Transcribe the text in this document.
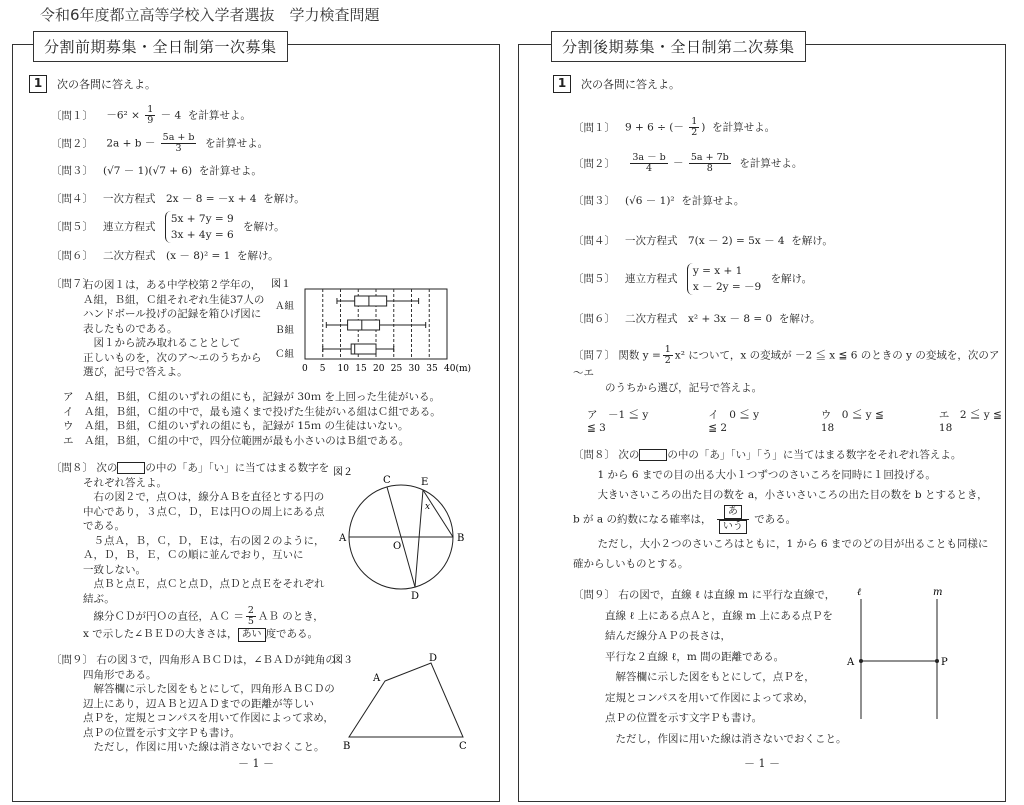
令和6年度都立高等学校入学者選抜　学力検査問題
分割前期募集・全日制第一次募集
1	次の各問に答えよ。
〔問１〕 $-6^2 \times \frac{1}{9} - 4$ を計算せよ。
〔問２〕 $2a + b - \frac{5a + b}{3}$ を計算せよ。
〔問３〕 (√7 － 1)(√7 + 6) を計算せよ。
〔問４〕 一次方程式　2x － 8 = －x + 4 を解け。
〔問５〕 連立方程式
5x + 7y = 9
3x + 4y = 6
を解け。
〔問６〕 二次方程式　(x － 8)² = 1 を解け。
〔問７〕
右の図１は，ある中学校第２学年の，
Ａ組，Ｂ組，Ｃ組それぞれ生徒37人の
ハンドボール投げの記録を箱ひげ図に
表したものである。
　図１から読み取れることとして
正しいものを，次のア～エのうちから
選び，記号で答えよ。
図１
Ａ組
Ｂ組
Ｃ組
0 5 10 15 20 25 30 35 40(m)
ア　Ａ組，Ｂ組，Ｃ組のいずれの組にも，記録が 30ｍ を上回った生徒がいる。
イ　Ａ組，Ｂ組，Ｃ組の中で，最も遠くまで投げた生徒がいる組はＣ組である。
ウ　Ａ組，Ｂ組，Ｃ組のいずれの組にも，記録が 15ｍ の生徒はいない。
エ　Ａ組，Ｂ組，Ｃ組の中で，四分位範囲が最も小さいのはＢ組である。
〔問８〕 次の	の中の「あ」「い」に当てはまる数字を
それぞれ答えよ。
　右の図２で，点Ｏは，線分ＡＢを直径とする円の
中心であり，３点Ｃ，Ｄ，Ｅは円Ｏの周上にある点
である。
　５点Ａ，Ｂ，Ｃ，Ｄ，Ｅは，右の図２のように，
Ａ，Ｄ，Ｂ，Ｅ，Ｃの順に並んでおり，互いに
一致しない。
　点Ｂと点Ｅ，点Ｃと点Ｄ，点Ｄと点Ｅをそれぞれ
結ぶ。
　線分ＣＤが円Ｏの直径，ＡＣ ＝ $\frac{2}{5}$ ＡＢ のとき，
x で示した∠ＢＥＤの大きさは， あい 度である。
図２
C	E
x
A
O
B
D
〔問９〕 右の図３で，四角形ＡＢＣＤは，∠ＢＡＤが鈍角の
四角形である。
　解答欄に示した図をもとにして，四角形ＡＢＣＤの
辺上にあり，辺ＡＢと辺ＡＤまでの距離が等しい
点Ｐを，定規とコンパスを用いて作図によって求め，
点Ｐの位置を示す文字Ｐも書け。
　ただし，作図に用いた線は消さないでおくこと。
図３
A
D
B	C
－ 1 －
分割後期募集・全日制第二次募集
1	次の各問に答えよ。
〔問１〕 9 + 6 ÷ (－ $\frac{1}{2}$ ) を計算せよ。
〔問２〕 $\frac{3a - b}{4} - \frac{5a + 7b}{8}$ を計算せよ。
〔問３〕 (√6 － 1)² を計算せよ。
〔問４〕 一次方程式　7(x － 2) = 5x － 4 を解け。
〔問５〕 連立方程式
y = x + 1
x － 2y = －9
を解け。
〔問６〕 二次方程式　x² + 3x － 8 = 0 を解け。
〔問７〕 関数 $y = \frac{1}{2} x^2$ について，x の変域が －2 ≦ x ≦ 6 のときの y の変域を，次のア～エ
のうちから選び，記号で答えよ。
ア　－1 ≦ y ≦ 3
イ　0 ≦ y ≦ 2
ウ　0 ≦ y ≦ 18
エ　2 ≦ y ≦ 18
〔問８〕 次の	の中の「あ」「い」「う」に当てはまる数字をそれぞれ答えよ。
　1 から 6 までの目の出る大小１つずつのさいころを同時に１回投げる。
　大きいさいころの出た目の数を a，小さいさいころの出た目の数を b とするとき，
b が a の約数になる確率は， $\frac{\text{あ}}{\text{いう}}$ である。
　ただし，大小２つのさいころはともに，1 から 6 までのどの目が出ることも同様に
確からしいものとする。
〔問９〕 右の図で，直線 ℓ は直線 m に平行な直線で，
直線 ℓ 上にある点Ａと，直線 m 上にある点Ｐを
結んだ線分ＡＰの長さは，
平行な２直線 ℓ，m 間の距離である。
　解答欄に示した図をもとにして，点Ｐを，
定規とコンパスを用いて作図によって求め，
点Ｐの位置を示す文字Ｐも書け。
　ただし，作図に用いた線は消さないでおくこと。
ℓ	m
A	P
－ 1 －
